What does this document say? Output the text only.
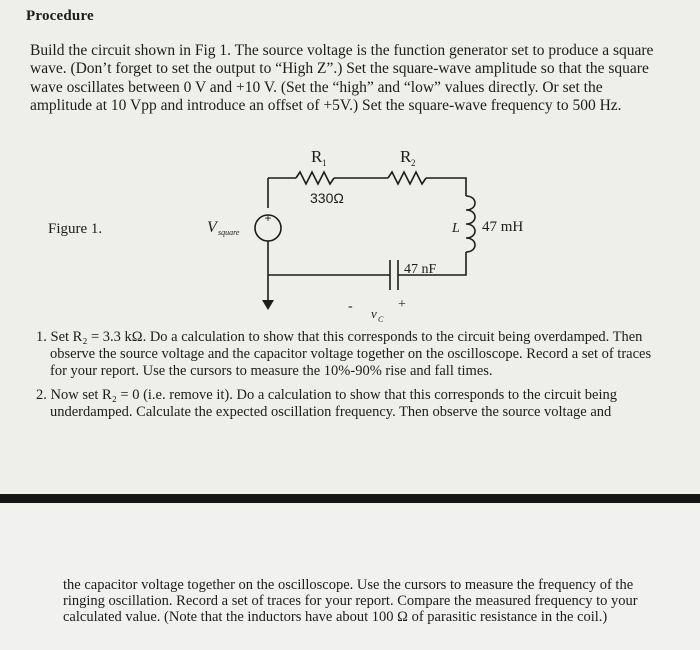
Procedure

Build the circuit shown in Fig 1. The source voltage is the function generator set to produce a square wave. (Don’t forget to set the output to “High Z”.) Set the square-wave amplitude so that the square wave oscillates between 0 V and +10 V. (Set the “high” and “low” values directly. Or set the amplitude at 10 Vpp and introduce an offset of +5V.) Set the square-wave frequency to 500 Hz.

Figure 1.
+
R 1	R 2
330Ω
V square	L 47 mH
47 nF
-	+
v C
1. Set R₂ = 3.3 kΩ. Do a calculation to show that this corresponds to the circuit being overdamped. Then observe the source voltage and the capacitor voltage together on the oscilloscope. Record a set of traces for your report. Use the cursors to measure the 10%-90% rise and fall times.
2. Now set R₂ = 0 (i.e. remove it). Do a calculation to show that this corresponds to the circuit being underdamped. Calculate the expected oscillation frequency. Then observe the source voltage and

the capacitor voltage together on the oscilloscope. Use the cursors to measure the frequency of the ringing oscillation. Record a set of traces for your report. Compare the measured frequency to your calculated value. (Note that the inductors have about 100 Ω of parasitic resistance in the coil.)
